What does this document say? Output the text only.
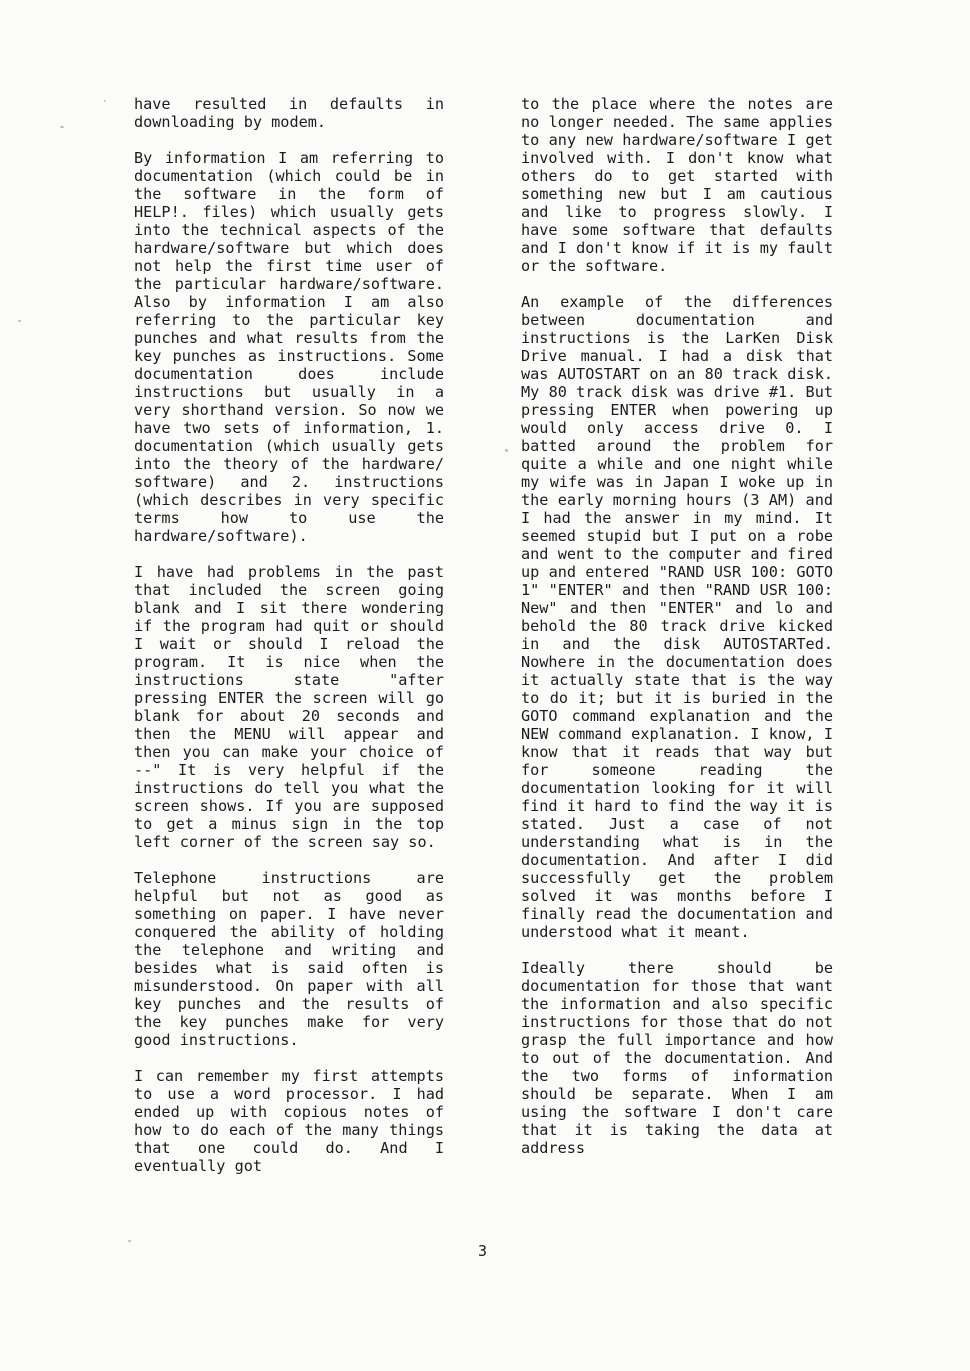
have resulted in defaults in downloading by modem.

By information I am referring to documentation (which could be in the software in the form of HELP!. files) which usually gets into the technical aspects of the hardware/software but which does not help the first time user of the particular hardware/software. Also by information I am also referring to the particular key punches and what results from the key punches as instructions. Some documentation does include instructions but usually in a very shorthand version. So now we have two sets of information, 1. documentation (which usually gets into the theory of the hardware/ software) and 2. instructions (which describes in very specific terms how to use the hardware/software).

I have had problems in the past that included the screen going blank and I sit there wondering if the program had quit or should I wait or should I reload the program. It is nice when the instructions state "after pressing ENTER the screen will go blank for about 20 seconds and then the MENU will appear and then you can make your choice of --" It is very helpful if the instructions do tell you what the screen shows. If you are supposed to get a minus sign in the top left corner of the screen say so.

Telephone instructions are helpful but not as good as something on paper. I have never conquered the ability of holding the telephone and writing and besides what is said often is misunderstood. On paper with all key punches and the results of the key punches make for very good instructions.

I can remember my first attempts to use a word processor. I had ended up with copious notes of how to do each of the many things that one could do. And I eventually got

to the place where the notes are no longer needed. The same applies to any new hardware/software I get involved with. I don't know what others do to get started with something new but I am cautious and like to progress slowly. I have some software that defaults and I don't know if it is my fault or the software.

An example of the differences between documentation and instructions is the LarKen Disk Drive manual. I had a disk that was AUTOSTART on an 80 track disk. My 80 track disk was drive #1. But pressing ENTER when powering up would only access drive 0. I batted around the problem for quite a while and one night while my wife was in Japan I woke up in the early morning hours (3 AM) and I had the answer in my mind. It seemed stupid but I put on a robe and went to the computer and fired up and entered "RAND USR 100: GOTO 1" "ENTER" and then "RAND USR 100: New" and then "ENTER" and lo and behold the 80 track drive kicked in and the disk AUTOSTARTed. Nowhere in the documentation does it actually state that is the way to do it; but it is buried in the GOTO command explanation and the NEW command explanation. I know, I know that it reads that way but for someone reading the documentation looking for it will find it hard to find the way it is stated. Just a case of not understanding what is in the documentation. And after I did successfully get the problem solved it was months before I finally read the documentation and understood what it meant.

Ideally there should be documentation for those that want the information and also specific instructions for those that do not grasp the full importance and how to out of the documentation. And the two forms of information should be separate. When I am using the software I don't care that it is taking the data at address

3
